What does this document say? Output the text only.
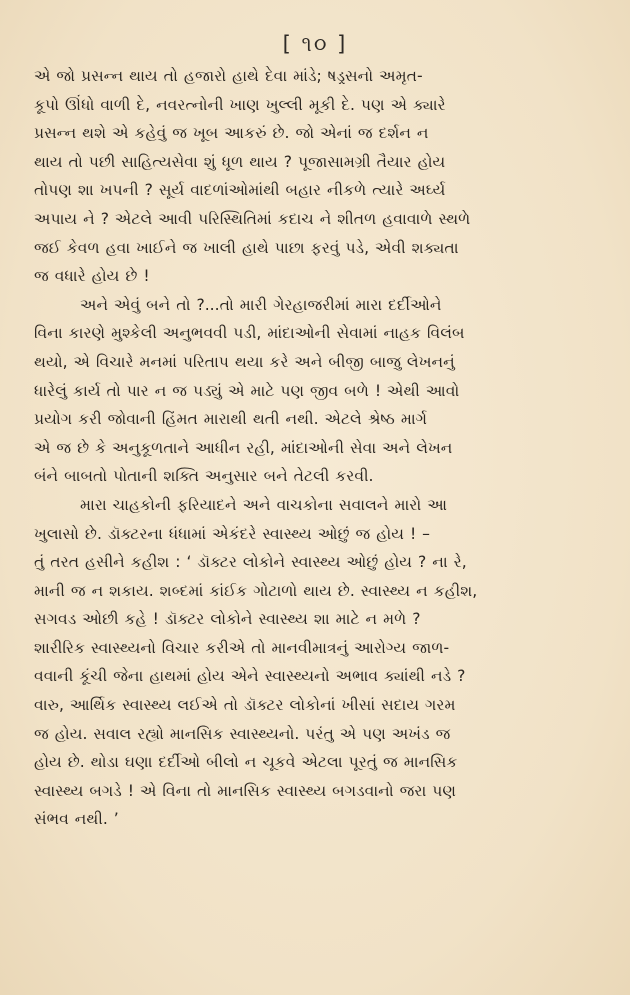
[ ૧૦ ]

એ જો પ્રસન્ન થાય તો હજારો હાથે દેવા માંડે; ષડ્રસનો અમૃત-
કૂપો ઊંધો વાળી દે, નવરત્નોની ખાણ ખુલ્લી મૂકી દે. પણ એ ક્યારે
પ્રસન્ન થશે એ કહેવું જ ખૂબ આકરું છે. જો એનાં જ દર્શન ન
થાય તો પછી સાહિત્યસેવા શું ધૂળ થાય ? પૂજાસામગ્રી તૈયાર હોય
તોપણ શા ખપની ? સૂર્ય વાદળાંઓમાંથી બહાર નીકળે ત્યારે અર્ઘ્ય
અપાય ને ? એટલે આવી પરિસ્થિતિમાં કદાચ ને શીતળ હવાવાળે સ્થળે
જઈ કેવળ હવા ખાઈને જ ખાલી હાથે પાછા ફરવું પડે, એવી શક્યતા
જ વધારે હોય છે !

અને એવું બને તો ?...તો મારી ગેરહાજરીમાં મારા દર્દીઓને
વિના કારણે મુશ્કેલી અનુભવવી પડી, માંદાઓની સેવામાં નાહક વિલંબ
થયો, એ વિચારે મનમાં પરિતાપ થયા કરે અને બીજી બાજુ લેખનનું
ધારેલું કાર્ય તો પાર ન જ પડ્યું એ માટે પણ જીવ બળે ! એથી આવો
પ્રયોગ કરી જોવાની હિંમત મારાથી થતી નથી. એટલે શ્રેષ્ઠ માર્ગ
એ જ છે કે અનુકૂળતાને આધીન રહી, માંદાઓની સેવા અને લેખન
બંને બાબતો પોતાની શક્તિ અનુસાર બને તેટલી કરવી.

મારા ચાહકોની ફરિયાદને અને વાચકોના સવાલને મારો આ
ખુલાસો છે. ડૉક્ટરના ધંધામાં એકંદરે સ્વાસ્થ્ય ઓછું જ હોય ! –
તું તરત હસીને કહીશ : ‘ ડૉક્ટર લોકોને સ્વાસ્થ્ય ઓછું હોય ? ના રે,
માની જ ન શકાય. શબ્દમાં કાંઈક ગોટાળો થાય છે. સ્વાસ્થ્ય ન કહીશ,
સગવડ ઓછી કહે ! ડૉક્ટર લોકોને સ્વાસ્થ્ય શા માટે ન મળે ?
શારીરિક સ્વાસ્થ્યનો વિચાર કરીએ તો માનવીમાત્રનું આરોગ્ય જાળ-
વવાની કૂંચી જેના હાથમાં હોય એને સ્વાસ્થ્યનો અભાવ ક્યાંથી નડે ?
વારુ, આર્થિક સ્વાસ્થ્ય લઈએ તો ડૉક્ટર લોકોનાં ખીસાં સદાય ગરમ
જ હોય. સવાલ રહ્યો માનસિક સ્વાસ્થ્યનો. પરંતુ એ પણ અખંડ જ
હોય છે. થોડા ઘણા દર્દીઓ બીલો ન ચૂકવે એટલા પૂરતું જ માનસિક
સ્વાસ્થ્ય બગડે ! એ વિના તો માનસિક સ્વાસ્થ્ય બગડવાનો જરા પણ
સંભવ નથી. ’
